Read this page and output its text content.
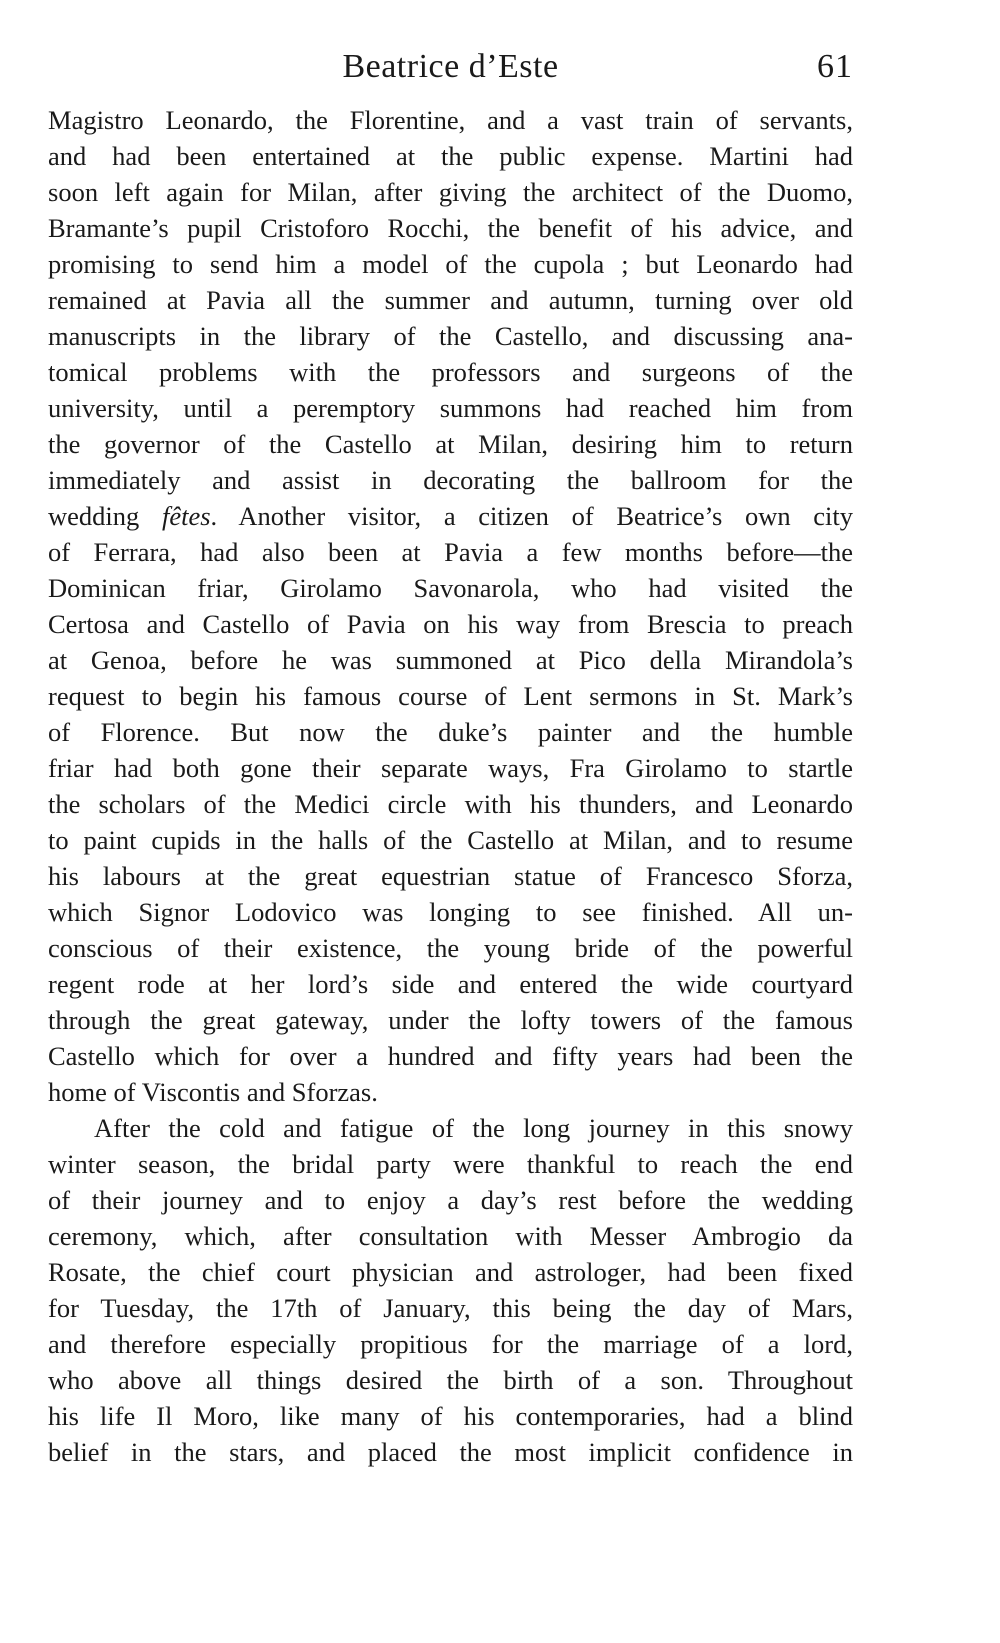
Beatrice d’Este	61
Magistro Leonardo, the Florentine, and a vast train of servants,
and had been entertained at the public expense. Martini had
soon left again for Milan, after giving the architect of the Duomo,
Bramante’s pupil Cristoforo Rocchi, the benefit of his advice, and
promising to send him a model of the cupola ; but Leonardo had
remained at Pavia all the summer and autumn, turning over old
manuscripts in the library of the Castello, and discussing ana-
tomical problems with the professors and surgeons of the
university, until a peremptory summons had reached him from
the governor of the Castello at Milan, desiring him to return
immediately and assist in decorating the ballroom for the
wedding fêtes. Another visitor, a citizen of Beatrice’s own city
of Ferrara, had also been at Pavia a few months before—the
Dominican friar, Girolamo Savonarola, who had visited the
Certosa and Castello of Pavia on his way from Brescia to preach
at Genoa, before he was summoned at Pico della Mirandola’s
request to begin his famous course of Lent sermons in St. Mark’s
of Florence. But now the duke’s painter and the humble
friar had both gone their separate ways, Fra Girolamo to startle
the scholars of the Medici circle with his thunders, and Leonardo
to paint cupids in the halls of the Castello at Milan, and to resume
his labours at the great equestrian statue of Francesco Sforza,
which Signor Lodovico was longing to see finished. All un-
conscious of their existence, the young bride of the powerful
regent rode at her lord’s side and entered the wide courtyard
through the great gateway, under the lofty towers of the famous
Castello which for over a hundred and fifty years had been the
home of Viscontis and Sforzas.
After the cold and fatigue of the long journey in this snowy
winter season, the bridal party were thankful to reach the end
of their journey and to enjoy a day’s rest before the wedding
ceremony, which, after consultation with Messer Ambrogio da
Rosate, the chief court physician and astrologer, had been fixed
for Tuesday, the 17th of January, this being the day of Mars,
and therefore especially propitious for the marriage of a lord,
who above all things desired the birth of a son. Throughout
his life Il Moro, like many of his contemporaries, had a blind
belief in the stars, and placed the most implicit confidence in
